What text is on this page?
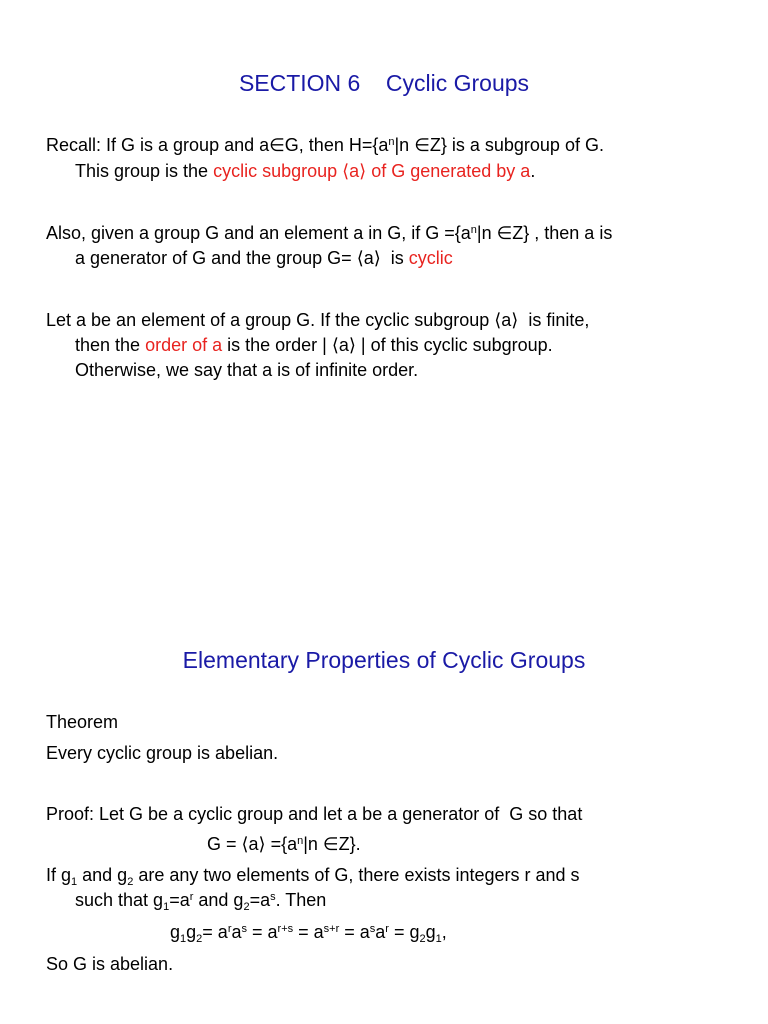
SECTION 6    Cyclic Groups

Recall: If G is a group and a∈G, then $H=\{a^n|n$ ∈Z} is a subgroup of G.

This group is the cyclic subgroup ⟨a⟩ of G generated by a.

Also, given a group G and an element a in G, if $G =\{a^n|n$ ∈Z} , then a is

a generator of G and the group G= ⟨a⟩  is cyclic

Let a be an element of a group G. If the cyclic subgroup ⟨a⟩  is finite,

then the order of a is the order | ⟨a⟩ | of this cyclic subgroup.

Otherwise, we say that a is of infinite order.

Elementary Properties of Cyclic Groups

Theorem

Every cyclic group is abelian.

Proof: Let G be a cyclic group and let a be a generator of  G so that

G = ⟨a⟩ $=\{a^n|n$ ∈Z}.

If $g_1$ and $g_2$ are any two elements of G, there exists integers r and s

such that $g_1=a^r$ and $g_2=a^s$. Then

$g_1g_2= a^ra^s = a^{r+s} = a^{s+r} = a^sa^r = g_2g_1$,

So G is abelian.
